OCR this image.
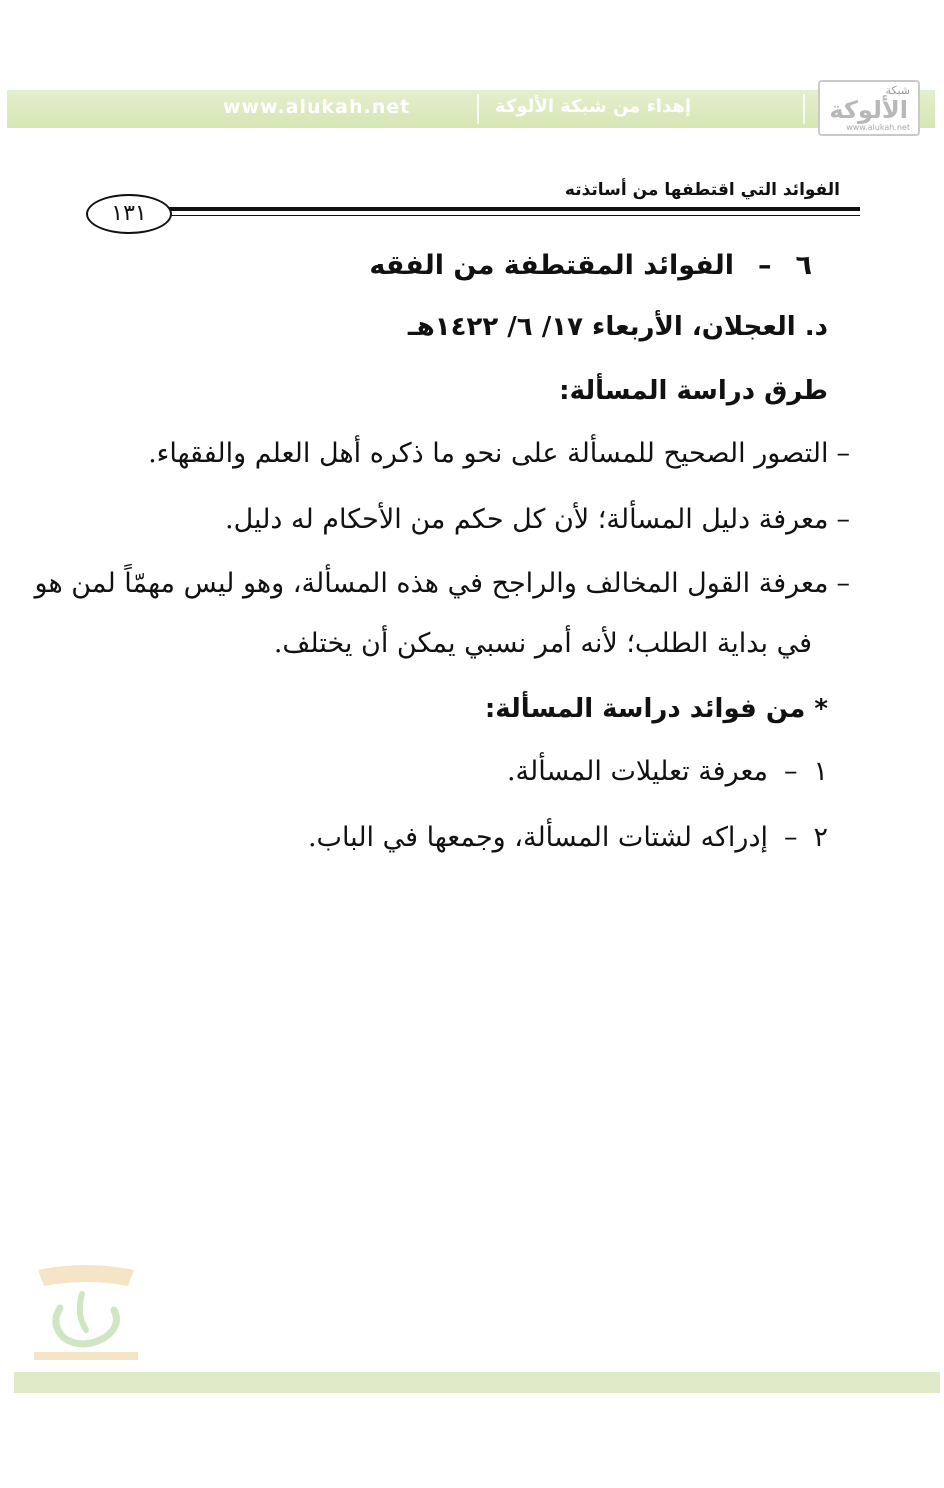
www.alukah.net	إهداء من شبكة الألوكة
شبكة
الألوكة
www.alukah.net
الفوائد التي اقتطفها من أساتذته
١٣١
٦–الفوائد المقتطفة من الفقه
د. العجلان، الأربعاء ١٧/ ٦/ ١٤٢٢هـ
طرق دراسة المسألة:
–التصور الصحيح للمسألة على نحو ما ذكره أهل العلم والفقهاء.
–معرفة دليل المسألة؛ لأن كل حكم من الأحكام له دليل.
–معرفة القول المخالف والراجح في هذه المسألة، وهو ليس مهمّاً لمن هو
في بداية الطلب؛ لأنه أمر نسبي يمكن أن يختلف.
* من فوائد دراسة المسألة:
١–معرفة تعليلات المسألة.
٢–إدراكه لشتات المسألة، وجمعها في الباب.
